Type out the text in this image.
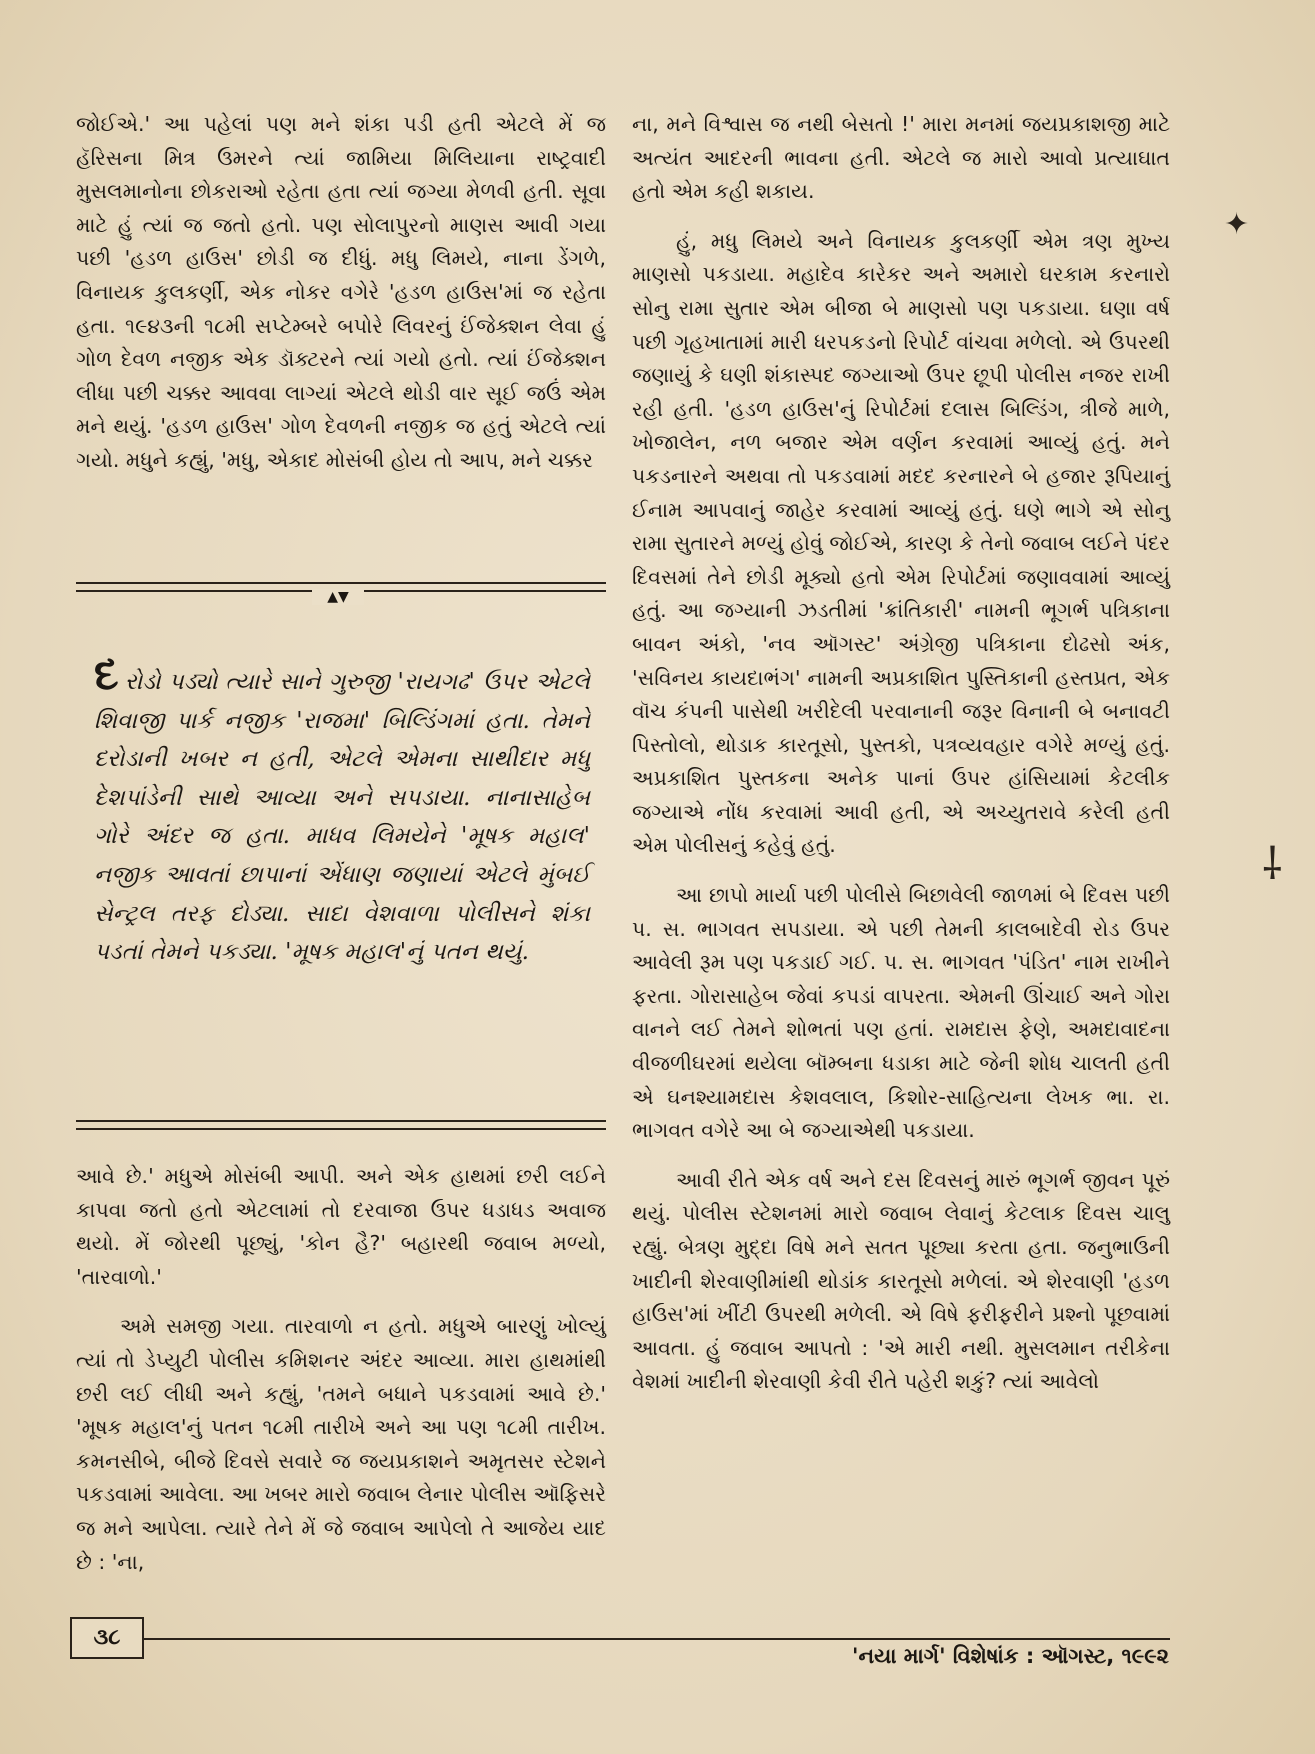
જોઈએ.' આ પહેલાં પણ મને શંકા પડી હતી એટલે મેં જ હૅરિસના મિત્ર ઉમરને ત્યાં જામિયા મિલિયાના રાષ્ટ્રવાદી મુસલમાનોના છોકરાઓ રહેતા હતા ત્યાં જગ્યા મેળવી હતી. સૂવા માટે હું ત્યાં જ જતો હતો. પણ સોલાપુરનો માણસ આવી ગયા પછી 'હડળ હાઉસ' છોડી જ દીધું. મધુ લિમયે, નાના ડેંગળે, વિનાયક કુલકર્ણી, એક નોકર વગેરે 'હડળ હાઉસ'માં જ રહેતા હતા. ૧૯૪૩ની ૧૮મી સપ્ટેમ્બરે બપોરે લિવરનું ઈંજેક્શન લેવા હું ગોળ દેવળ નજીક એક ડૉક્ટરને ત્યાં ગયો હતો. ત્યાં ઈંજેક્શન લીધા પછી ચક્કર આવવા લાગ્યાં એટલે થોડી વાર સૂઈ જઉં એમ મને થયું. 'હડળ હાઉસ' ગોળ દેવળની નજીક જ હતું એટલે ત્યાં ગયો. મધુને કહ્યું, 'મધુ, એકાદ મોસંબી હોય તો આપ, મને ચક્કર

▲▼

દરોડો પડ્યો ત્યારે સાને ગુરુજી 'રાયગઢ' ઉપર એટલે શિવાજી પાર્ક નજીક 'રાજમા' બિલ્ડિંગમાં હતા. તેમને દરોડાની ખબર ન હતી, એટલે એમના સાથીદાર મધુ દેશપાંડેની સાથે આવ્યા અને સપડાયા. નાનાસાહેબ ગોરે અંદર જ હતા. માધવ લિમયેને 'મૂષક મહાલ' નજીક આવતાં છાપાનાં એંધાણ જણાયાં એટલે મુંબઈ સેન્ટ્રલ તરફ દોડ્યા. સાદા વેશવાળા પોલીસને શંકા પડતાં તેમને પકડ્યા. 'મૂષક મહાલ'નું પતન થયું.

આવે છે.' મધુએ મોસંબી આપી. અને એક હાથમાં છરી લઈને કાપવા જતો હતો એટલામાં તો દરવાજા ઉપર ધડાધડ અવાજ થયો. મેં જોરથી પૂછ્યું, 'કોન હૈ?' બહારથી જવાબ મળ્યો, 'તારવાળો.'

અમે સમજી ગયા. તારવાળો ન હતો. મધુએ બારણું ખોલ્યું ત્યાં તો ડેપ્યુટી પોલીસ કમિશનર અંદર આવ્યા. મારા હાથમાંથી છરી લઈ લીધી અને કહ્યું, 'તમને બધાને પકડવામાં આવે છે.' 'મૂષક મહાલ'નું પતન ૧૮મી તારીખે અને આ પણ ૧૮મી તારીખ. કમનસીબે, બીજે દિવસે સવારે જ જયપ્રકાશને અમૃતસર સ્ટેશને પકડવામાં આવેલા. આ ખબર મારો જવાબ લેનાર પોલીસ ઑફિસરે જ મને આપેલા. ત્યારે તેને મેં જે જવાબ આપેલો તે આજેય યાદ છે : 'ના,

ના, મને વિશ્વાસ જ નથી બેસતો !' મારા મનમાં જયપ્રકાશજી માટે અત્યંત આદરની ભાવના હતી. એટલે જ મારો આવો પ્રત્યાઘાત હતો એમ કહી શકાય.

હું, મધુ લિમયે અને વિનાયક કુલકર્ણી એમ ત્રણ મુખ્ય માણસો પકડાયા. મહાદેવ કારેકર અને અમારો ઘરકામ કરનારો સોનુ રામા સુતાર એમ બીજા બે માણસો પણ પકડાયા. ઘણા વર્ષ પછી ગૃહખાતામાં મારી ધરપકડનો રિપોર્ટ વાંચવા મળેલો. એ ઉપરથી જણાયું કે ઘણી શંકાસ્પદ જગ્યાઓ ઉપર છૂપી પોલીસ નજર રાખી રહી હતી. 'હડળ હાઉસ'નું રિપોર્ટમાં દલાસ બિલ્ડિંગ, ત્રીજે માળે, ખોજાલેન, નળ બજાર એમ વર્ણન કરવામાં આવ્યું હતું. મને પકડનારને અથવા તો પકડવામાં મદદ કરનારને બે હજાર રૂપિયાનું ઈનામ આપવાનું જાહેર કરવામાં આવ્યું હતું. ઘણે ભાગે એ સોનુ રામા સુતારને મળ્યું હોવું જોઈએ, કારણ કે તેનો જવાબ લઈને પંદર દિવસમાં તેને છોડી મૂક્યો હતો એમ રિપોર્ટમાં જણાવવામાં આવ્યું હતું. આ જગ્યાની ઝડતીમાં 'ક્રાંતિકારી' નામની ભૂગર્ભ પત્રિકાના બાવન અંકો, 'નવ ઑગસ્ટ' અંગ્રેજી પત્રિકાના દોઢસો અંક, 'સવિનય કાયદાભંગ' નામની અપ્રકાશિત પુસ્તિકાની હસ્તપ્રત, એક વૉચ કંપની પાસેથી ખરીદેલી પરવાનાની જરૂર વિનાની બે બનાવટી પિસ્તોલો, થોડાક કારતૂસો, પુસ્તકો, પત્રવ્યવહાર વગેરે મળ્યું હતું. અપ્રકાશિત પુસ્તકના અનેક પાનાં ઉપર હાંસિયામાં કેટલીક જગ્યાએ નોંધ કરવામાં આવી હતી, એ અચ્યુતરાવે કરેલી હતી એમ પોલીસનું કહેવું હતું.

આ છાપો માર્યા પછી પોલીસે બિછાવેલી જાળમાં બે દિવસ પછી પ. સ. ભાગવત સપડાયા. એ પછી તેમની કાલબાદેવી રોડ ઉપર આવેલી રૂમ પણ પકડાઈ ગઈ. પ. સ. ભાગવત 'પંડિત' નામ રાખીને ફરતા. ગોરાસાહેબ જેવાં કપડાં વાપરતા. એમની ઊંચાઈ અને ગોરા વાનને લઈ તેમને શોભતાં પણ હતાં. રામદાસ ફેણે, અમદાવાદના વીજળીઘરમાં થયેલા બૉમ્બના ધડાકા માટે જેની શોધ ચાલતી હતી એ ઘનશ્યામદાસ કેશવલાલ, કિશોર-સાહિત્યના લેખક ભા. રા. ભાગવત વગેરે આ બે જગ્યાએથી પકડાયા.

આવી રીતે એક વર્ષ અને દસ દિવસનું મારું ભૂગર્ભ જીવન પૂરું થયું. પોલીસ સ્ટેશનમાં મારો જવાબ લેવાનું કેટલાક દિવસ ચાલુ રહ્યું. બેત્રણ મુદ્દા વિષે મને સતત પૂછ્યા કરતા હતા. જનુભાઉની ખાદીની શેરવાણીમાંથી થોડાંક કારતૂસો મળેલાં. એ શેરવાણી 'હડળ હાઉસ'માં ખીંટી ઉપરથી મળેલી. એ વિષે ફરીફરીને પ્રશ્નો પૂછવામાં આવતા. હું જવાબ આપતો : 'એ મારી નથી. મુસલમાન તરીકેના વેશમાં ખાદીની શેરવાણી કેવી રીતે પહેરી શકું? ત્યાં આવેલો

✦
⸸
૩૮
'નયા માર્ગ' વિશેષાંક : ઑગસ્ટ, ૧૯૯૨
